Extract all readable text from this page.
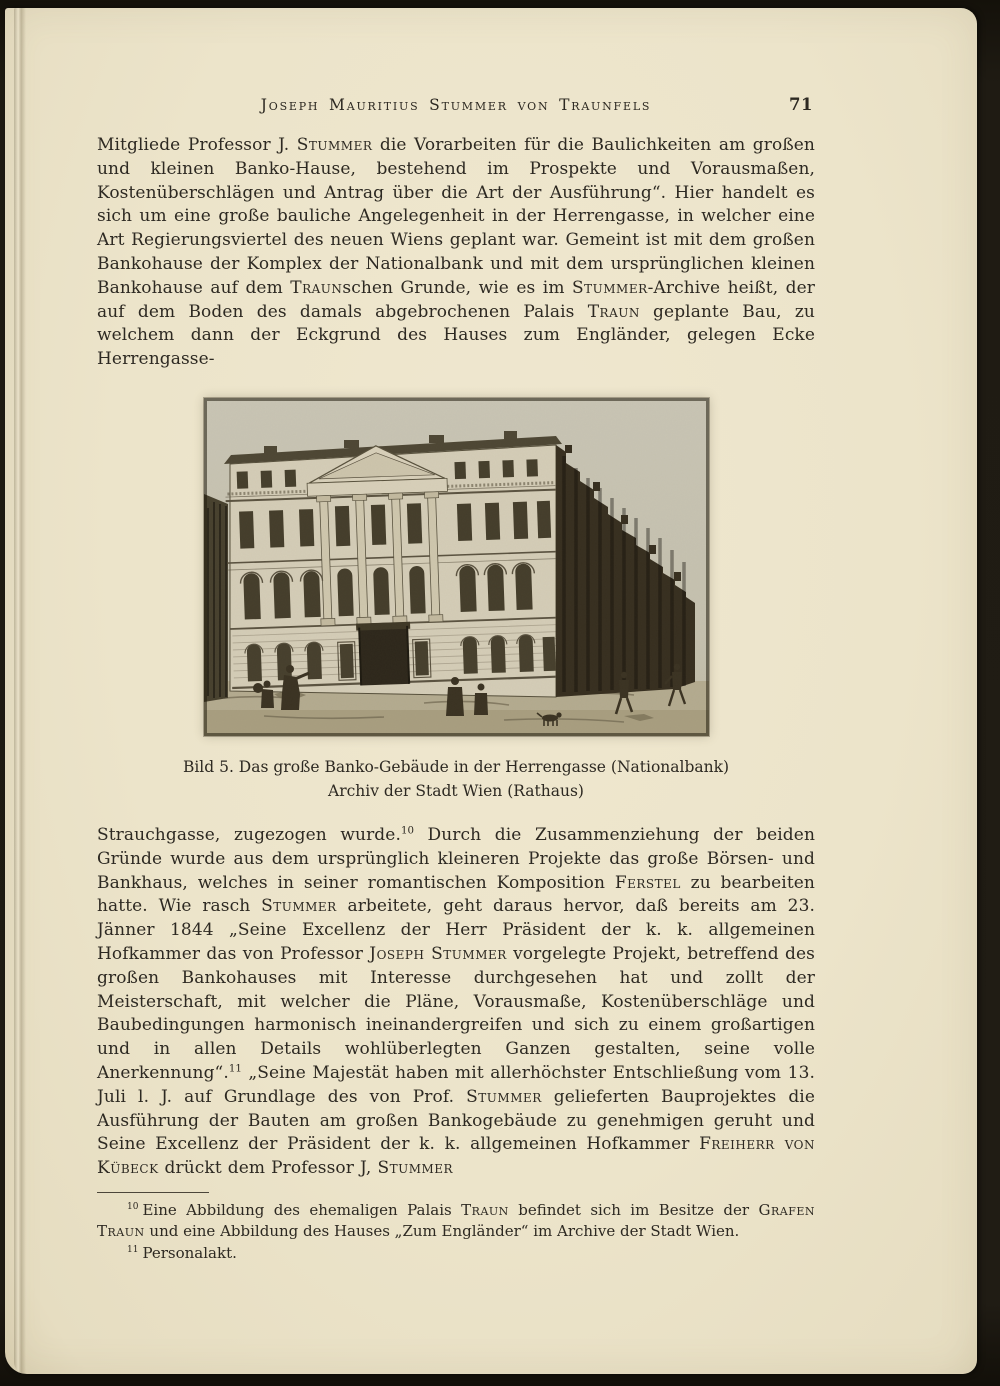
Joseph Mauritius Stummer von Traunfels	71

Mitgliede Professor J. Stummer die Vorarbeiten für die Baulichkeiten am großen und kleinen Banko-Hause, bestehend im Prospekte und Vorausmaßen, Kostenüberschlägen und Antrag über die Art der Ausführung“. Hier handelt es sich um eine große bauliche Angelegenheit in der Herrengasse, in welcher eine Art Regierungsviertel des neuen Wiens geplant war. Gemeint ist mit dem großen Bankohause der Komplex der Nationalbank und mit dem ursprünglichen kleinen Bankohause auf dem Traunschen Grunde, wie es im Stummer-Archive heißt, der auf dem Boden des damals abgebrochenen Palais Traun geplante Bau, zu welchem dann der Eckgrund des Hauses zum Engländer, gelegen Ecke Herrengasse-

Bild 5. Das große Banko-Gebäude in der Herrengasse (Nationalbank)
Archiv der Stadt Wien (Rathaus)

Strauchgasse, zugezogen wurde.$^{10}$ Durch die Zusammenziehung der beiden Gründe wurde aus dem ursprünglich kleineren Projekte das große Börsen- und Bankhaus, welches in seiner romantischen Komposition Ferstel zu bearbeiten hatte. Wie rasch Stummer arbeitete, geht daraus hervor, daß bereits am 23. Jänner 1844 „Seine Excellenz der Herr Präsident der k. k. allgemeinen Hofkammer das von Professor Joseph Stummer vorgelegte Projekt, betreffend des großen Bankohauses mit Interesse durchgesehen hat und zollt der Meisterschaft, mit welcher die Pläne, Vorausmaße, Kostenüberschläge und Baubedingungen harmonisch ineinandergreifen und sich zu einem großartigen und in allen Details wohlüberlegten Ganzen gestalten, seine volle Anerkennung“.$^{11}$ „Seine Majestät haben mit allerhöchster Entschließung vom 13. Juli l. J. auf Grundlage des von Prof. Stummer gelieferten Bauprojektes die Ausführung der Bauten am großen Bankogebäude zu genehmigen geruht und Seine Excellenz der Präsident der k. k. allgemeinen Hofkammer Freiherr von Kübeck drückt dem Professor J, Stummer

$^{10}$ Eine Abbildung des ehemaligen Palais Traun befindet sich im Besitze der Grafen Traun und eine Abbildung des Hauses „Zum Engländer“ im Archive der Stadt Wien.

$^{11}$ Personalakt.
